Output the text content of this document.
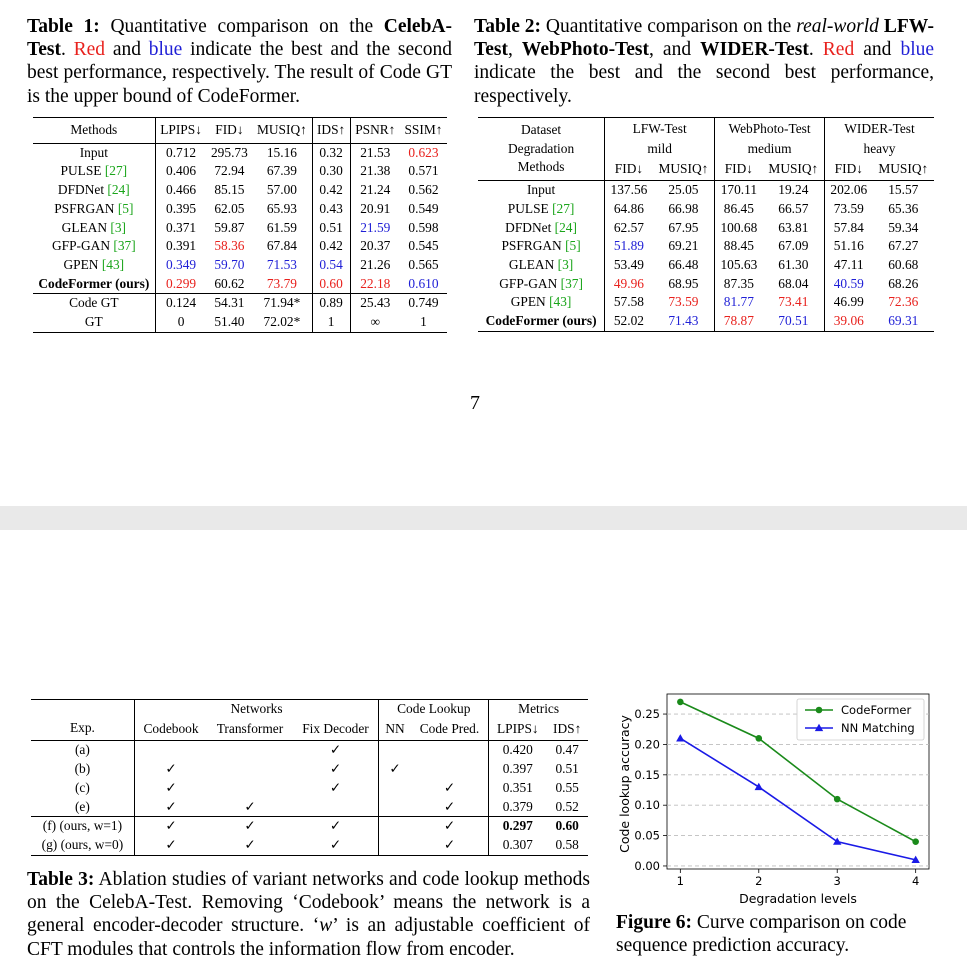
Table 1: Quantitative comparison on the CelebA-Test. Red and blue indicate the best and the second best performance, respectively. The result of Code GT is the upper bound of CodeFormer.
Methods	LPIPS↓	FID↓	MUSIQ↑	IDS↑	PSNR↑	SSIM↑
Input	0.712	295.73	15.16	0.32	21.53	0.623
PULSE [27]	0.406	72.94	67.39	0.30	21.38	0.571
DFDNet [24]	0.466	85.15	57.00	0.42	21.24	0.562
PSFRGAN [5]	0.395	62.05	65.93	0.43	20.91	0.549
GLEAN [3]	0.371	59.87	61.59	0.51	21.59	0.598
GFP-GAN [37]	0.391	58.36	67.84	0.42	20.37	0.545
GPEN [43]	0.349	59.70	71.53	0.54	21.26	0.565
CodeFormer (ours)	0.299	60.62	73.79	0.60	22.18	0.610
Code GT	0.124	54.31	71.94*	0.89	25.43	0.749
GT	0	51.40	72.02*	1	∞	1
Table 2: Quantitative comparison on the real-world LFW-Test, WebPhoto-Test, and WIDER-Test. Red and blue indicate the best and the second best performance, respectively.
Dataset	LFW-Test		WebPhoto-Test		WIDER-Test	
Degradation	mild		medium		heavy	
Methods	FID↓	MUSIQ↑	FID↓	MUSIQ↑	FID↓	MUSIQ↑
Input	137.56	25.05	170.11	19.24	202.06	15.57
PULSE [27]	64.86	66.98	86.45	66.57	73.59	65.36
DFDNet [24]	62.57	67.95	100.68	63.81	57.84	59.34
PSFRGAN [5]	51.89	69.21	88.45	67.09	51.16	67.27
GLEAN [3]	53.49	66.48	105.63	61.30	47.11	60.68
GFP-GAN [37]	49.96	68.95	87.35	68.04	40.59	68.26
GPEN [43]	57.58	73.59	81.77	73.41	46.99	72.36
CodeFormer (ours)	52.02	71.43	78.87	70.51	39.06	69.31
7
	Networks			Code Lookup		Metrics	
Exp.	Codebook	Transformer	Fix Decoder	NN	Code Pred.	LPIPS↓	IDS↑
(a)			✓			0.420	0.47
(b)	✓		✓	✓		0.397	0.51
(c)	✓		✓		✓	0.351	0.55
(e)	✓	✓			✓	0.379	0.52
(f) (ours, w=1)	✓	✓	✓		✓	0.297	0.60
(g) (ours, w=0)	✓	✓	✓		✓	0.307	0.58
Table 3: Ablation studies of variant networks and code lookup methods on the CelebA-Test. Removing ‘Codebook’ means the network is a general encoder-decoder structure. ‘w’ is an adjustable coefficient of CFT modules that controls the information flow from encoder.
0.00
0.05
0.10
0.15
0.20
0.25
1	2	3	4
Code lookup accuracy
Degradation levels
CodeFormer
NN Matching
Figure 6: Curve comparison on code sequence prediction accuracy.
